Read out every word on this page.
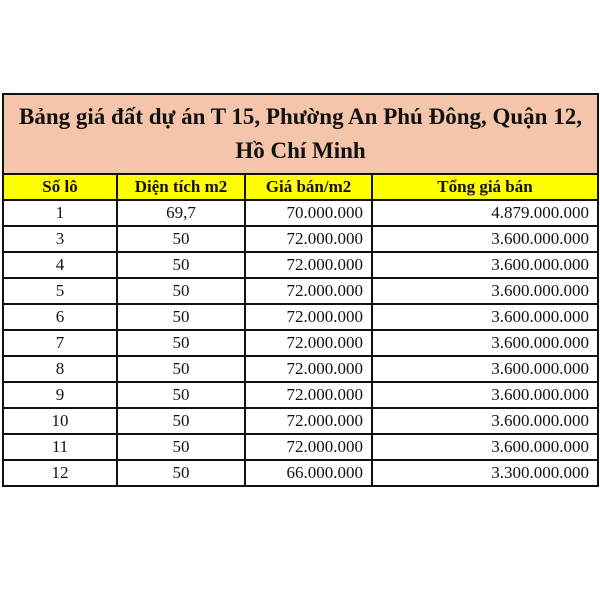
Bảng giá đất dự án T 15, Phường An Phú Đông, Quận 12, Hồ Chí Minh			
Số lô	Diện tích m2	Giá bán/m2	Tổng giá bán
1	69,7	70.000.000	4.879.000.000
3	50	72.000.000	3.600.000.000
4	50	72.000.000	3.600.000.000
5	50	72.000.000	3.600.000.000
6	50	72.000.000	3.600.000.000
7	50	72.000.000	3.600.000.000
8	50	72.000.000	3.600.000.000
9	50	72.000.000	3.600.000.000
10	50	72.000.000	3.600.000.000
11	50	72.000.000	3.600.000.000
12	50	66.000.000	3.300.000.000
